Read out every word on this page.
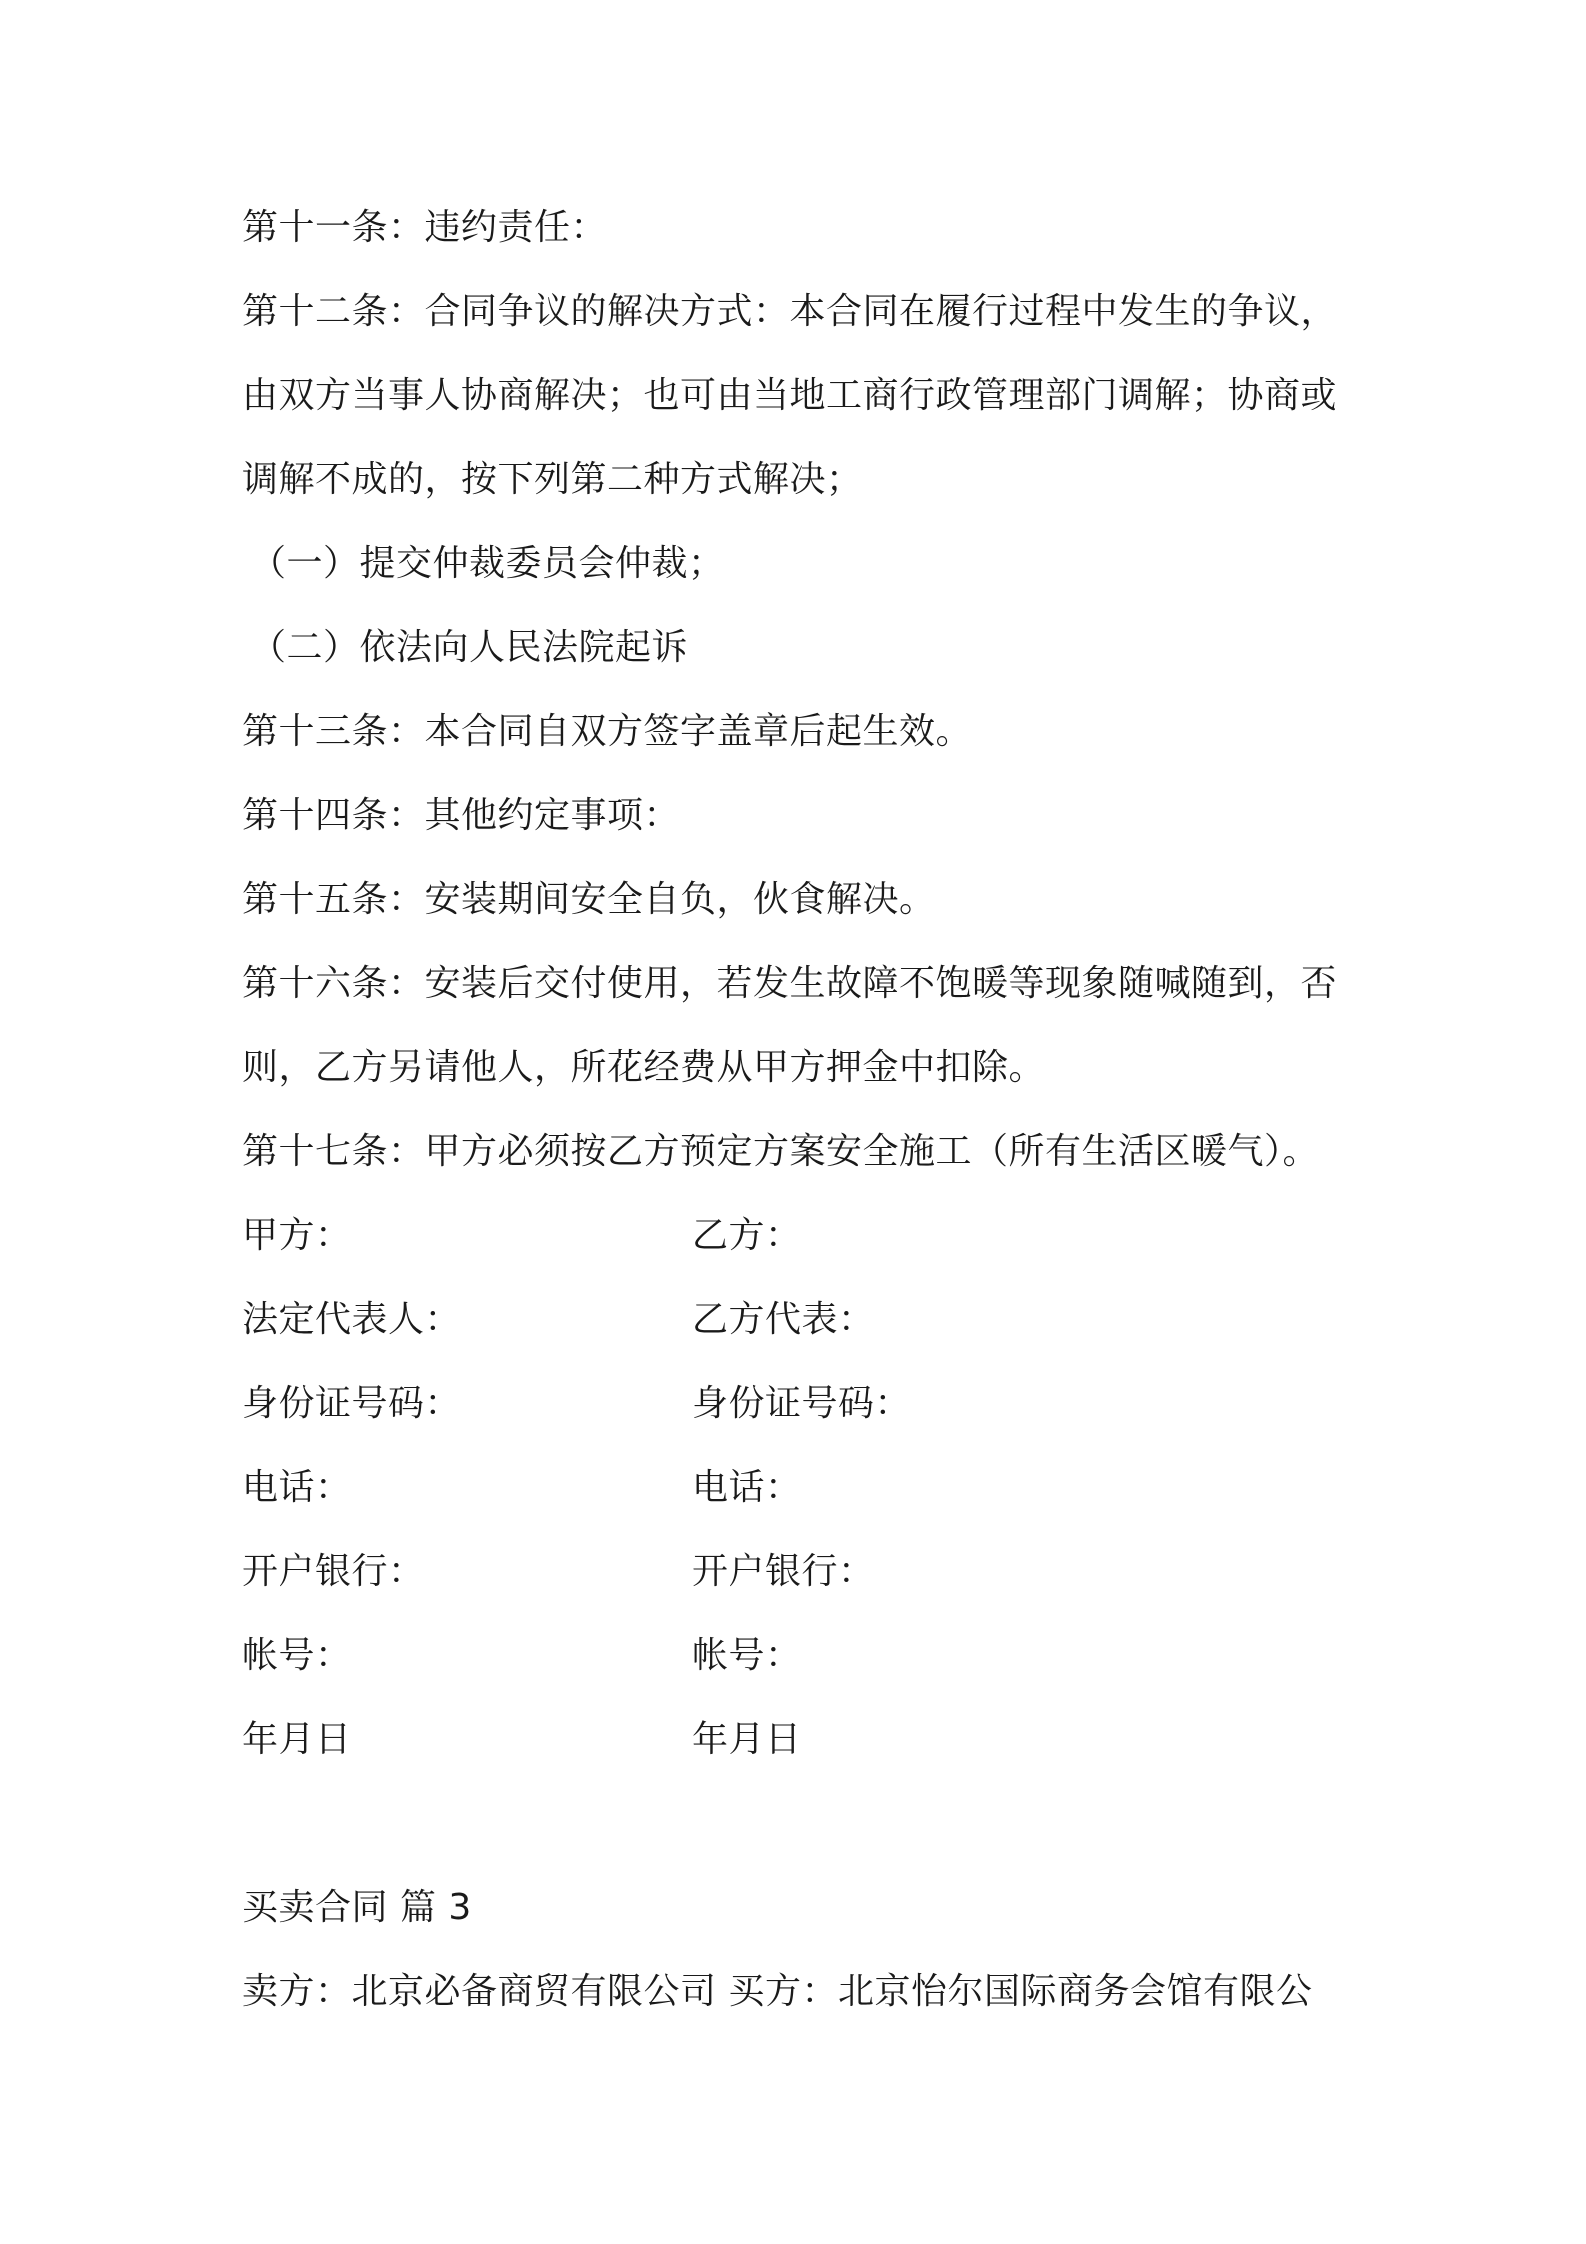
第十一条：违约责任：
第十二条：合同争议的解决方式：本合同在履行过程中发生的争议，
由双方当事人协商解决；也可由当地工商行政管理部门调解；协商或
调解不成的，按下列第二种方式解决；
（一）提交仲裁委员会仲裁；
（二）依法向人民法院起诉
第十三条：本合同自双方签字盖章后起生效。
第十四条：其他约定事项：
第十五条：安装期间安全自负，伙食解决。
第十六条：安装后交付使用，若发生故障不饱暖等现象随喊随到，否
则，乙方另请他人，所花经费从甲方押金中扣除。
第十七条：甲方必须按乙方预定方案安全施工（所有生活区暖气）。
甲方：	乙方：
法定代表人：	乙方代表：
身份证号码：	身份证号码：
电话：	电话：
开户银行：	开户银行：
帐号：	帐号：
年月日	年月日
买卖合同 篇 3
卖方：北京必备商贸有限公司 买方：北京怡尔国际商务会馆有限公
